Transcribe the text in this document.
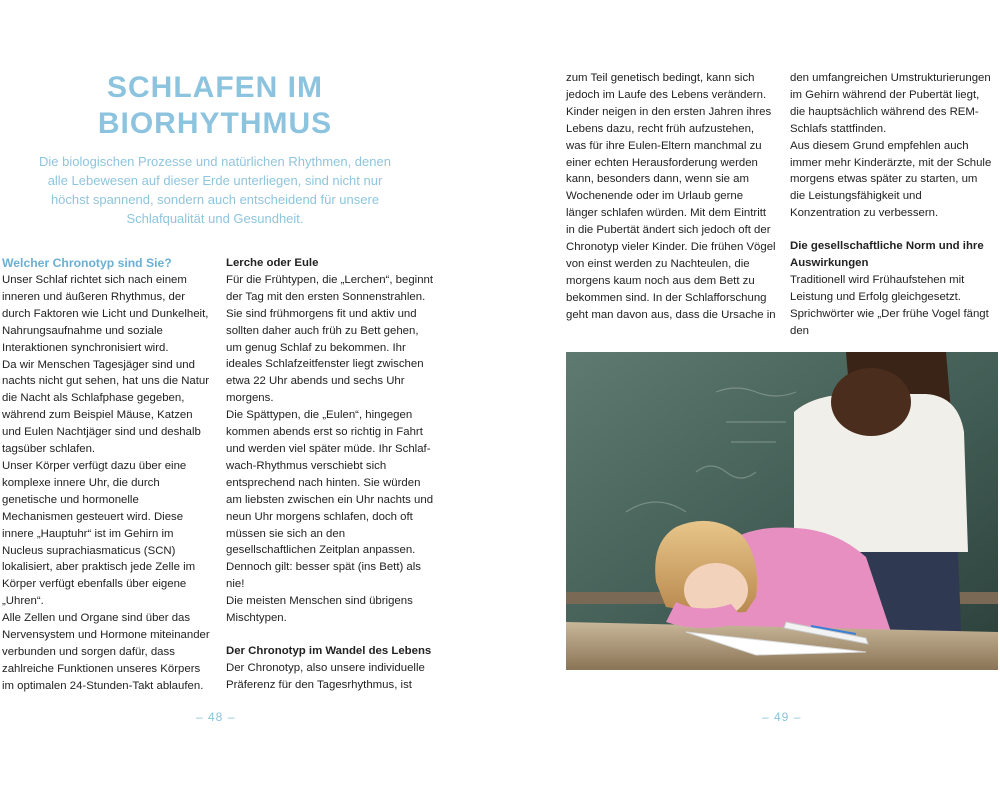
SCHLAFEN IM
BIORHYTHMUS

Die biologischen Prozesse und natürlichen Rhythmen, denen alle Lebewesen auf dieser Erde unterliegen, sind nicht nur höchst spannend, sondern auch entscheidend für unsere Schlafqualität und Gesundheit.

Welcher Chronotyp sind Sie?

Unser Schlaf richtet sich nach einem inneren und äußeren Rhythmus, der durch Faktoren wie Licht und Dunkelheit, Nahrungsaufnahme und soziale Interaktionen synchronisiert wird.

Da wir Menschen Tagesjäger sind und nachts nicht gut sehen, hat uns die Natur die Nacht als Schlafphase gegeben, während zum Beispiel Mäuse, Katzen und Eulen Nachtjäger sind und deshalb tagsüber schlafen.

Unser Körper verfügt dazu über eine komplexe innere Uhr, die durch genetische und hormonelle Mechanismen gesteuert wird. Diese innere „Hauptuhr“ ist im Gehirn im Nucleus suprachiasmaticus (SCN) lokalisiert, aber praktisch jede Zelle im Körper verfügt ebenfalls über eigene „Uhren“.

Alle Zellen und Organe sind über das Nervensystem und Hormone miteinander verbunden und sorgen dafür, dass zahlreiche Funktionen unseres Körpers im optimalen 24-Stunden-Takt ablaufen.

Lerche oder Eule

Für die Frühtypen, die „Lerchen“, beginnt der Tag mit den ersten Sonnenstrahlen. Sie sind frühmorgens fit und aktiv und sollten daher auch früh zu Bett gehen, um genug Schlaf zu bekommen. Ihr ideales Schlafzeitfenster liegt zwischen etwa 22 Uhr abends und sechs Uhr morgens.

Die Spättypen, die „Eulen“, hingegen kommen abends erst so richtig in Fahrt und werden viel später müde. Ihr Schlaf-wach-Rhythmus verschiebt sich entsprechend nach hinten. Sie würden am liebsten zwischen ein Uhr nachts und neun Uhr morgens schlafen, doch oft müssen sie sich an den gesellschaftlichen Zeitplan anpassen. Dennoch gilt: besser spät (ins Bett) als nie!

Die meisten Menschen sind übrigens Mischtypen.

Der Chronotyp im Wandel des Lebens

Der Chronotyp, also unsere individuelle Präferenz für den Tagesrhythmus, ist

– 48 –

zum Teil genetisch bedingt, kann sich jedoch im Laufe des Lebens verändern. Kinder neigen in den ersten Jahren ihres Lebens dazu, recht früh aufzustehen, was für ihre Eulen-Eltern manchmal zu einer echten Herausforderung werden kann, besonders dann, wenn sie am Wochenende oder im Urlaub gerne länger schlafen würden. Mit dem Eintritt in die Pubertät ändert sich jedoch oft der Chronotyp vieler Kinder. Die frühen Vögel von einst werden zu Nachteulen, die morgens kaum noch aus dem Bett zu bekommen sind. In der Schlafforschung geht man davon aus, dass die Ursache in

den umfangreichen Umstrukturierungen im Gehirn während der Pubertät liegt, die hauptsächlich während des REM-Schlafs stattfinden.

Aus diesem Grund empfehlen auch immer mehr Kinderärzte, mit der Schule morgens etwas später zu starten, um die Leistungsfähigkeit und Konzentration zu verbessern.

Die gesellschaftliche Norm und ihre Auswirkungen

Traditionell wird Frühaufstehen mit Leistung und Erfolg gleichgesetzt. Sprichwörter wie „Der frühe Vogel fängt den

– 49 –
